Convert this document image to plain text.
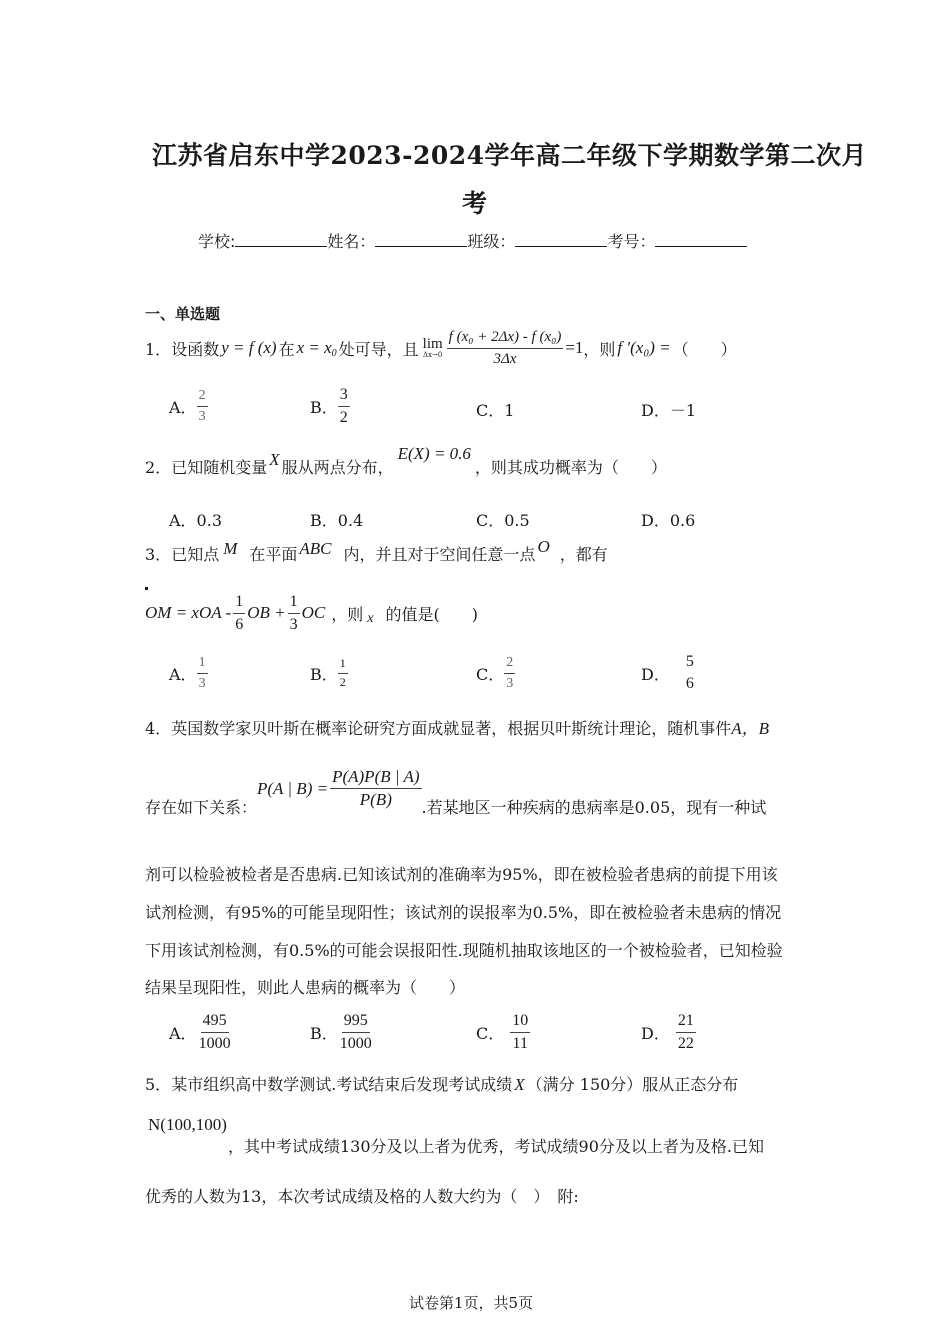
江苏省启东中学2023-2024学年高二年级下学期数学第二次月
考
学校:	姓名：	班级：	考号：
一、单选题
1． 设函数 y = f (x) 在 $x = x_0$ 处可导，且 lim
$\Delta x\to 0 \frac{\text{f (x₀ + 2Δx) - f (x₀)}}{3\Delta x} =1$ ，则 f ′(x₀) = （　　）
A． $\frac{2}{3}$	B． $\frac{3}{2}$	C．1	D．－1
2． 已知随机变量 X 服从两点分布，
E(X) = 0.6
，则其成功概率为（　　）
A．0.3	B．0.4	C．0.5	D．0.6
3． 已知点 M 在平面 ABC 内，并且对于空间任意一点 O ，都有
OM = xOA - $\frac{1}{6}$ OB + $\frac{1}{3}$ OC ，则 x 的值是(　　)
A． $\frac{1}{3}$	B． $\frac{1}{2}$	C． $\frac{2}{3}$	D．
5
6
4．英国数学家贝叶斯在概率论研究方面成就显著，根据贝叶斯统计理论，随机事件A，B
存在如下关系：
P(A | $B) = \frac{P(A)P(B | A)}{P(B)}$ .若某地区一种疾病的患病率是0.05，现有一种试
剂可以检验被检者是否患病.已知该试剂的准确率为95%，即在被检验者患病的前提下用该
试剂检测，有95%的可能呈现阳性；该试剂的误报率为0.5%，即在被检验者未患病的情况
下用该试剂检测，有0.5%的可能会误报阳性.现随机抽取该地区的一个被检验者，已知检验
结果呈现阳性，则此人患病的概率为（　　）
A． $\frac{495}{1000}$	B． $\frac{995}{1000}$	C． $\frac{10}{11}$	D． $\frac{21}{22}$
5．某市组织高中数学测试.考试结束后发现考试成绩 X （满分 150分）服从正态分布
N(100,100)
，其中考试成绩130分及以上者为优秀，考试成绩90分及以上者为及格.已知
优秀的人数为13，本次考试成绩及格的人数大约为（　）　附:
试卷第1页，共5页
